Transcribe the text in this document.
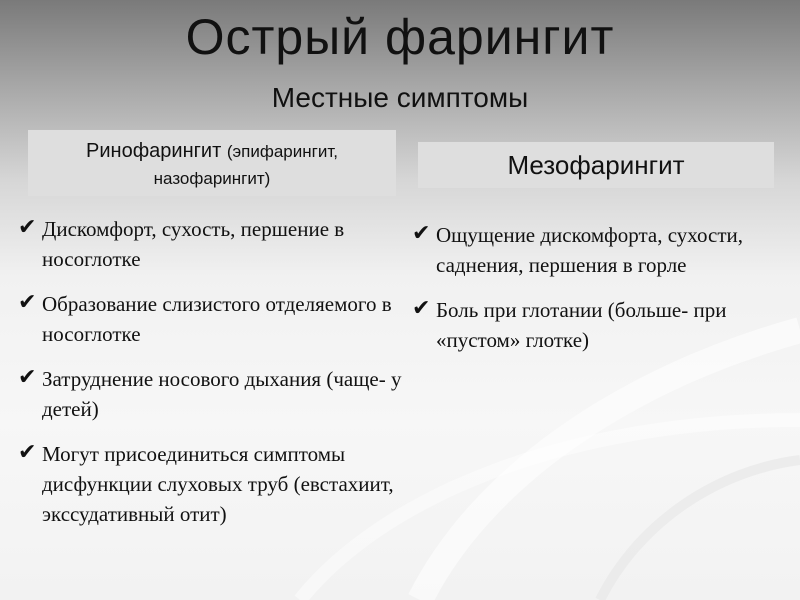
Острый фарингит
Местные симптомы
Ринофарингит (эпифарингит,
назофарингит)	Мезофарингит
✔ Дискомфорт, сухость, першение в носоглотке
✔ Образование слизистого отделяемого в носоглотке
✔ Затруднение носового дыхания (чаще- у детей)
✔ Могут присоединиться симптомы дисфункции слуховых труб (евстахиит, экссудативный отит)
✔ Ощущение дискомфорта, сухости, саднения, першения в горле
✔ Боль при глотании (больше- при «пустом» глотке)
